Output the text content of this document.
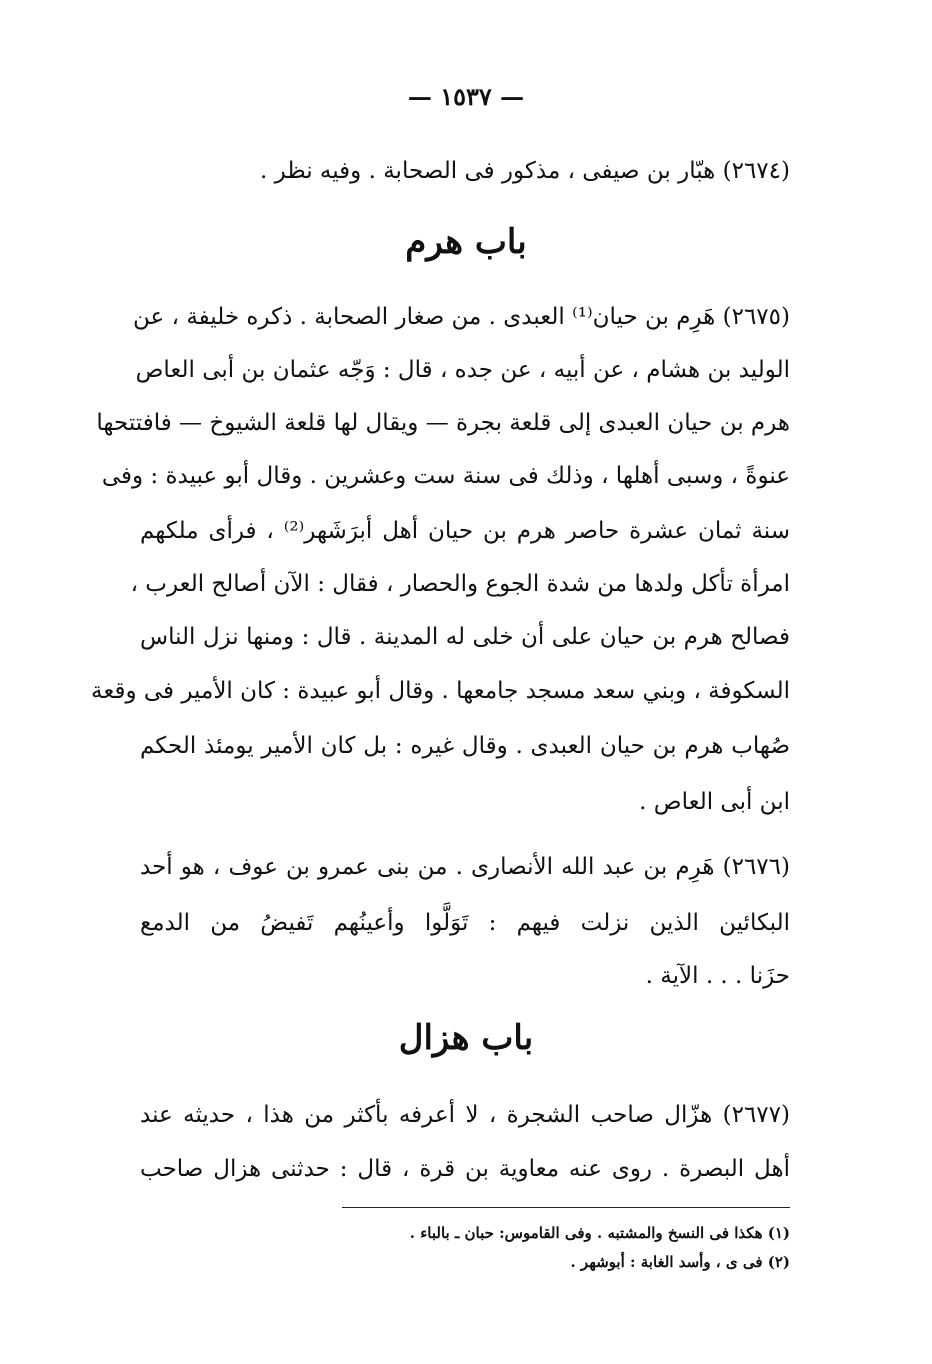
— ١٥٣٧ —
(٢٦٧٤) هبّار بن صيفى ، مذكور فى الصحابة . وفيه نظر .
باب هرم
(٢٦٧٥) هَرِم بن حيان⁽¹⁾ العبدى . من صغار الصحابة . ذكره خليفة ، عن
الوليد بن هشام ، عن أبيه ، عن جده ، قال : وَجّه عثمان بن أبى العاص
هرم بن حيان العبدى إلى قلعة بجرة — ويقال لها قلعة الشيوخ — فافتتحها
عنوةً ، وسبى أهلها ، وذلك فى سنة ست وعشرين . وقال أبو عبيدة : وفى
سنة ثمان عشرة حاصر هرم بن حيان أهل أبرَشَهر⁽²⁾ ، فرأى ملكهم
امرأة تأكل ولدها من شدة الجوع والحصار ، فقال : الآن أصالح العرب ،
فصالح هرم بن حيان على أن خلى له المدينة . قال : ومنها نزل الناس
السكوفة ، وبني سعد مسجد جامعها . وقال أبو عبيدة : كان الأمير فى وقعة
صُهاب هرم بن حيان العبدى . وقال غيره : بل كان الأمير يومئذ الحكم
ابن أبى العاص .
(٢٦٧٦) هَرِم بن عبد الله الأنصارى . من بنى عمرو بن عوف ، هو أحد
البكائين الذين نزلت فيهم : تَوَلَّوا وأعينُهم تَفيضُ من الدمع
حزَنا . . . الآية .
باب هزال
(٢٦٧٧) هزّال صاحب الشجرة ، لا أعرفه بأكثر من هذا ، حديثه عند
أهل البصرة . روى عنه معاوية بن قرة ، قال : حدثنى هزال صاحب
(١) هكذا فى النسخ والمشتبه . وفى القاموس: حبان ـ بالباء .
(٢) فى ى ، وأسد الغابة : أبوشهر .
